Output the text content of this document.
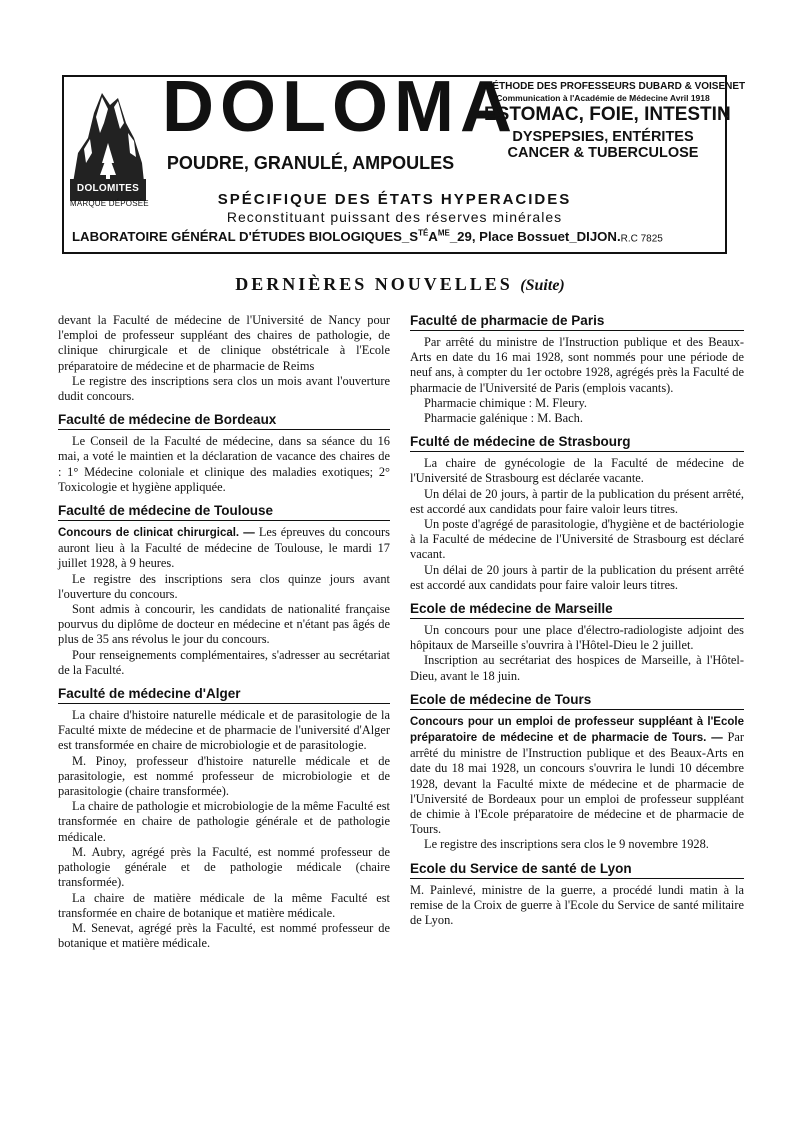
DOLOMITES
MARQUE DÉPOSÉE
DOLOMA
POUDRE, GRANULÉ, AMPOULES
MÉTHODE DES PROFESSEURS DUBARD & VOISENET
Communication à l'Académie de Médecine Avril 1918
ESTOMAC, FOIE, INTESTIN
DYSPEPSIES, ENTÉRITES
CANCER & TUBERCULOSE
SPÉCIFIQUE DES ÉTATS HYPERACIDES
Reconstituant puissant des réserves minérales
LABORATOIRE GÉNÉRAL D'ÉTUDES $BIOLOGIQUES\_S^{TÉ}A^{ME}\_29$, Place Bossuet_DIJON.R.C 7825
DERNIÈRES NOUVELLES (Suite)

devant la Faculté de médecine de l'Université de Nancy pour l'emploi de professeur suppléant des chaires de pathologie, de clinique chirurgicale et de clinique obstétricale à l'Ecole préparatoire de médecine et de pharmacie de Reims

Le registre des inscriptions sera clos un mois avant l'ouverture dudit concours.

Faculté de médecine de Bordeaux

Le Conseil de la Faculté de médecine, dans sa séance du 16 mai, a voté le maintien et la déclaration de vacance des chaires de : 1° Médecine coloniale et clinique des maladies exotiques; 2° Toxicologie et hygiène appliquée.

Faculté de médecine de Toulouse

Concours de clinicat chirurgical. — Les épreuves du concours auront lieu à la Faculté de médecine de Toulouse, le mardi 17 juillet 1928, à 9 heures.

Le registre des inscriptions sera clos quinze jours avant l'ouverture du concours.

Sont admis à concourir, les candidats de nationalité française pourvus du diplôme de docteur en médecine et n'étant pas âgés de plus de 35 ans révolus le jour du concours.

Pour renseignements complémentaires, s'adresser au secrétariat de la Faculté.

Faculté de médecine d'Alger

La chaire d'histoire naturelle médicale et de parasitologie de la Faculté mixte de médecine et de pharmacie de l'université d'Alger est transformée en chaire de microbiologie et de parasitologie.

M. Pinoy, professeur d'histoire naturelle médicale et de parasitologie, est nommé professeur de microbiologie et de parasitologie (chaire transformée).

La chaire de pathologie et microbiologie de la même Faculté est transformée en chaire de pathologie générale et de pathologie médicale.

M. Aubry, agrégé près la Faculté, est nommé professeur de pathologie générale et de pathologie médicale (chaire transformée).

La chaire de matière médicale de la même Faculté est transformée en chaire de botanique et matière médicale.

M. Senevat, agrégé près la Faculté, est nommé professeur de botanique et matière médicale.

Faculté de pharmacie de Paris

Par arrêté du ministre de l'Instruction publique et des Beaux-Arts en date du 16 mai 1928, sont nommés pour une période de neuf ans, à compter du 1er octobre 1928, agrégés près la Faculté de pharmacie de l'Université de Paris (emplois vacants).

Pharmacie chimique : M. Fleury.

Pharmacie galénique : M. Bach.

Fculté de médecine de Strasbourg

La chaire de gynécologie de la Faculté de médecine de l'Université de Strasbourg est déclarée vacante.

Un délai de 20 jours, à partir de la publication du présent arrêté, est accordé aux candidats pour faire valoir leurs titres.

Un poste d'agrégé de parasitologie, d'hygiène et de bactériologie à la Faculté de médecine de l'Université de Strasbourg est déclaré vacant.

Un délai de 20 jours à partir de la publication du présent arrêté est accordé aux candidats pour faire valoir leurs titres.

Ecole de médecine de Marseille

Un concours pour une place d'électro-radiologiste adjoint des hôpitaux de Marseille s'ouvrira à l'Hôtel-Dieu le 2 juillet.

Inscription au secrétariat des hospices de Marseille, à l'Hôtel-Dieu, avant le 18 juin.

Ecole de médecine de Tours

Concours pour un emploi de professeur suppléant à l'Ecole préparatoire de médecine et de pharmacie de Tours. — Par arrêté du ministre de l'Instruction publique et des Beaux-Arts en date du 18 mai 1928, un concours s'ouvrira le lundi 10 décembre 1928, devant la Faculté mixte de médecine et de pharmacie de l'Université de Bordeaux pour un emploi de professeur suppléant de chimie à l'Ecole préparatoire de médecine et de pharmacie de Tours.

Le registre des inscriptions sera clos le 9 novembre 1928.

Ecole du Service de santé de Lyon

M. Painlevé, ministre de la guerre, a procédé lundi matin à la remise de la Croix de guerre à l'Ecole du Service de santé militaire de Lyon.
